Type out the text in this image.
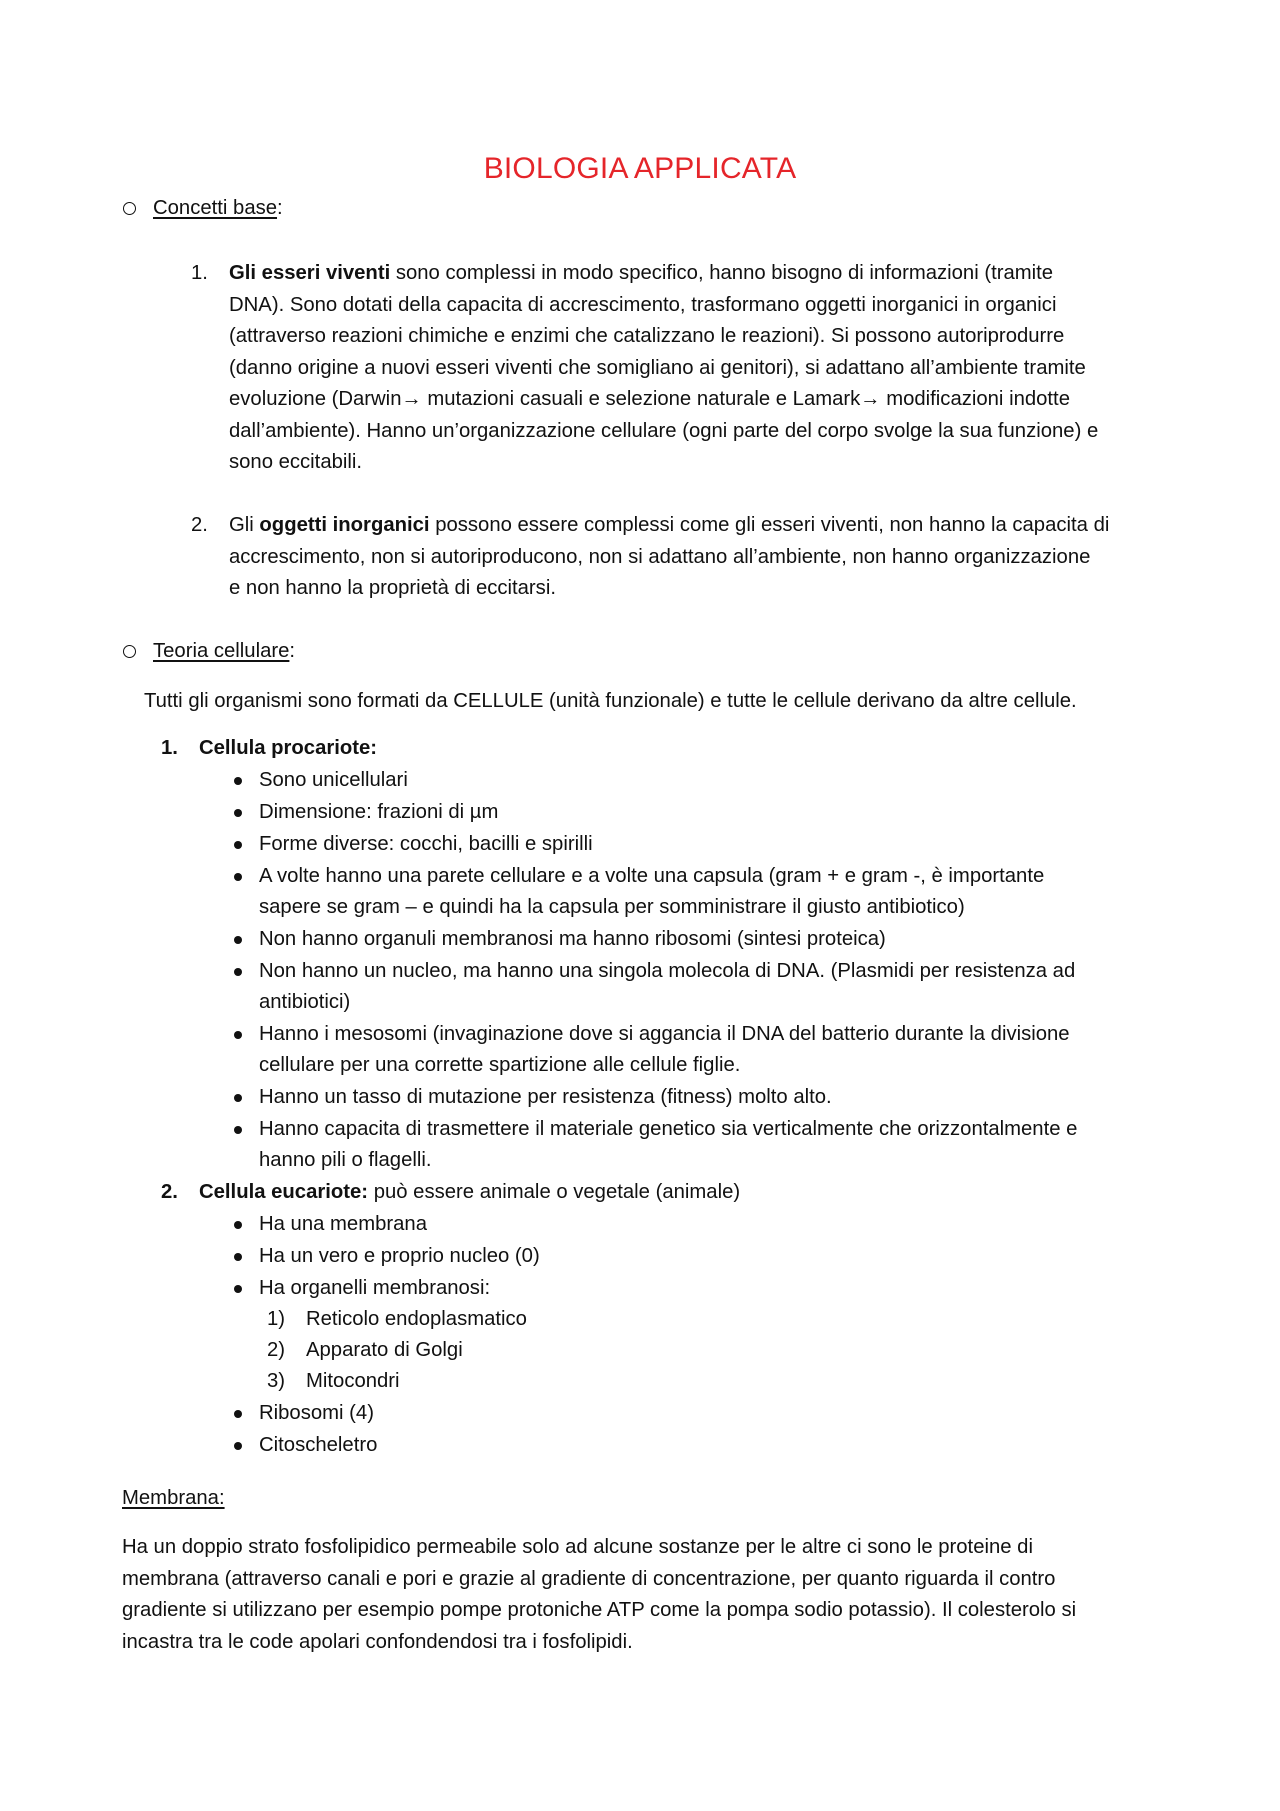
BIOLOGIA APPLICATA
Concetti base:
1. Gli esseri viventi sono complessi in modo specifico, hanno bisogno di informazioni (tramite
DNA). Sono dotati della capacita di accrescimento, trasformano oggetti inorganici in organici
(attraverso reazioni chimiche e enzimi che catalizzano le reazioni). Si possono autoriprodurre
(danno origine a nuovi esseri viventi che somigliano ai genitori), si adattano all’ambiente tramite
evoluzione (Darwin→ mutazioni casuali e selezione naturale e Lamark→ modificazioni indotte
dall’ambiente). Hanno un’organizzazione cellulare (ogni parte del corpo svolge la sua funzione) e
sono eccitabili.
2. Gli oggetti inorganici possono essere complessi come gli esseri viventi, non hanno la capacita di
accrescimento, non si autoriproducono, non si adattano all’ambiente, non hanno organizzazione
e non hanno la proprietà di eccitarsi.
Teoria cellulare:
Tutti gli organismi sono formati da CELLULE (unità funzionale) e tutte le cellule derivano da altre cellule.
1. Cellula procariote:
Sono unicellulari
Dimensione: frazioni di µm
Forme diverse: cocchi, bacilli e spirilli
A volte hanno una parete cellulare e a volte una capsula (gram + e gram -, è importante
sapere se gram – e quindi ha la capsula per somministrare il giusto antibiotico)
Non hanno organuli membranosi ma hanno ribosomi (sintesi proteica)
Non hanno un nucleo, ma hanno una singola molecola di DNA. (Plasmidi per resistenza ad
antibiotici)
Hanno i mesosomi (invaginazione dove si aggancia il DNA del batterio durante la divisione
cellulare per una corrette spartizione alle cellule figlie.
Hanno un tasso di mutazione per resistenza (fitness) molto alto.
Hanno capacita di trasmettere il materiale genetico sia verticalmente che orizzontalmente e
hanno pili o flagelli.
2. Cellula eucariote: può essere animale o vegetale (animale)
Ha una membrana
Ha un vero e proprio nucleo (0)
Ha organelli membranosi:
1) Reticolo endoplasmatico
2) Apparato di Golgi
3) Mitocondri
Ribosomi (4)
Citoscheletro
Membrana:
Ha un doppio strato fosfolipidico permeabile solo ad alcune sostanze per le altre ci sono le proteine di
membrana (attraverso canali e pori e grazie al gradiente di concentrazione, per quanto riguarda il contro
gradiente si utilizzano per esempio pompe protoniche ATP come la pompa sodio potassio). Il colesterolo si
incastra tra le code apolari confondendosi tra i fosfolipidi.
